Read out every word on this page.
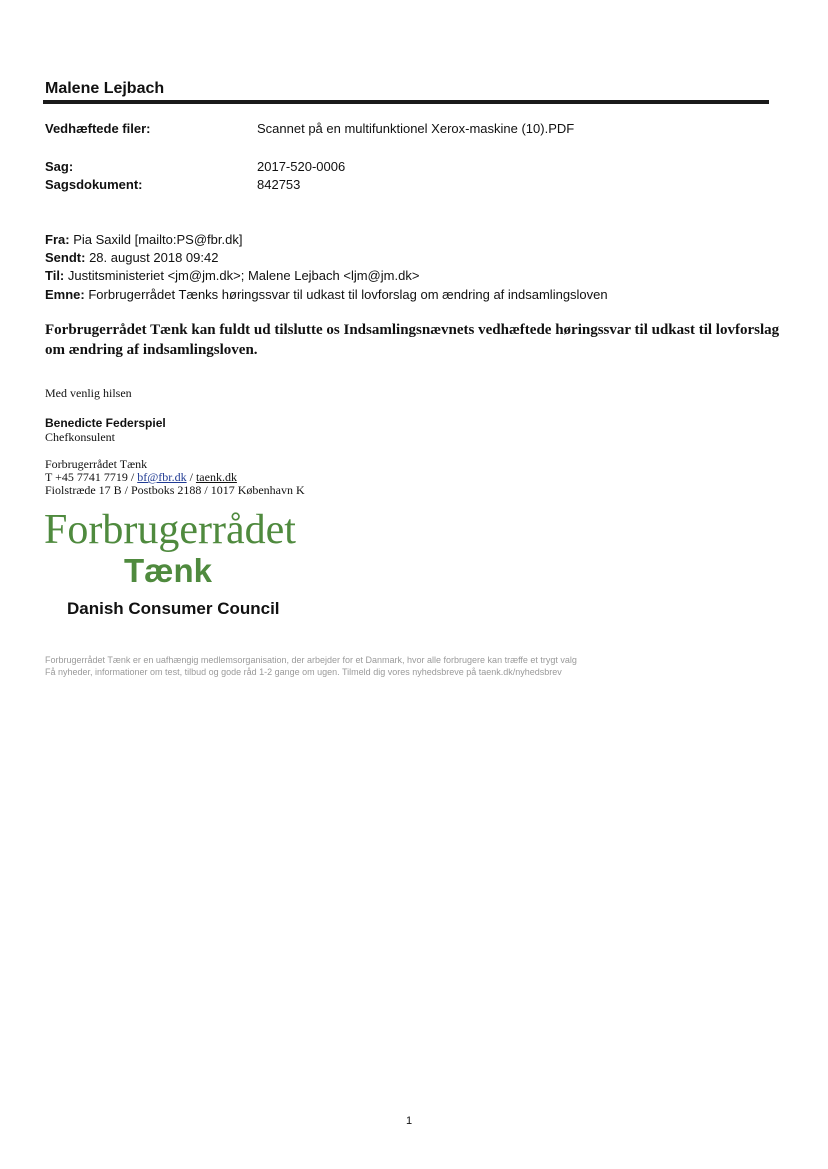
Malene Lejbach
Vedhæftede filer:	Scannet på en multifunktionel Xerox-maskine (10).PDF
Sag:	2017-520-0006
Sagsdokument:	842753
Fra: Pia Saxild [mailto:PS@fbr.dk]
Sendt: 28. august 2018 09:42
Til: Justitsministeriet <jm@jm.dk>; Malene Lejbach <ljm@jm.dk>
Emne: Forbrugerrådet Tænks høringssvar til udkast til lovforslag om ændring af indsamlingsloven
Forbrugerrådet Tænk kan fuldt ud tilslutte os Indsamlingsnævnets vedhæftede høringssvar til udkast til lovforslag om ændring af indsamlingsloven.
Med venlig hilsen
Benedicte Federspiel
Chefkonsulent
Forbrugerrådet Tænk
T +45 7741 7719 / bf@fbr.dk / taenk.dk
Fiolstræde 17 B / Postboks 2188 / 1017 København K
Forbrugerrådet
Tænk
Danish Consumer Council
Forbrugerrådet Tænk er en uafhængig medlemsorganisation, der arbejder for et Danmark, hvor alle forbrugere kan træffe et trygt valg
Få nyheder, informationer om test, tilbud og gode råd 1-2 gange om ugen. Tilmeld dig vores nyhedsbreve på taenk.dk/nyhedsbrev
1
